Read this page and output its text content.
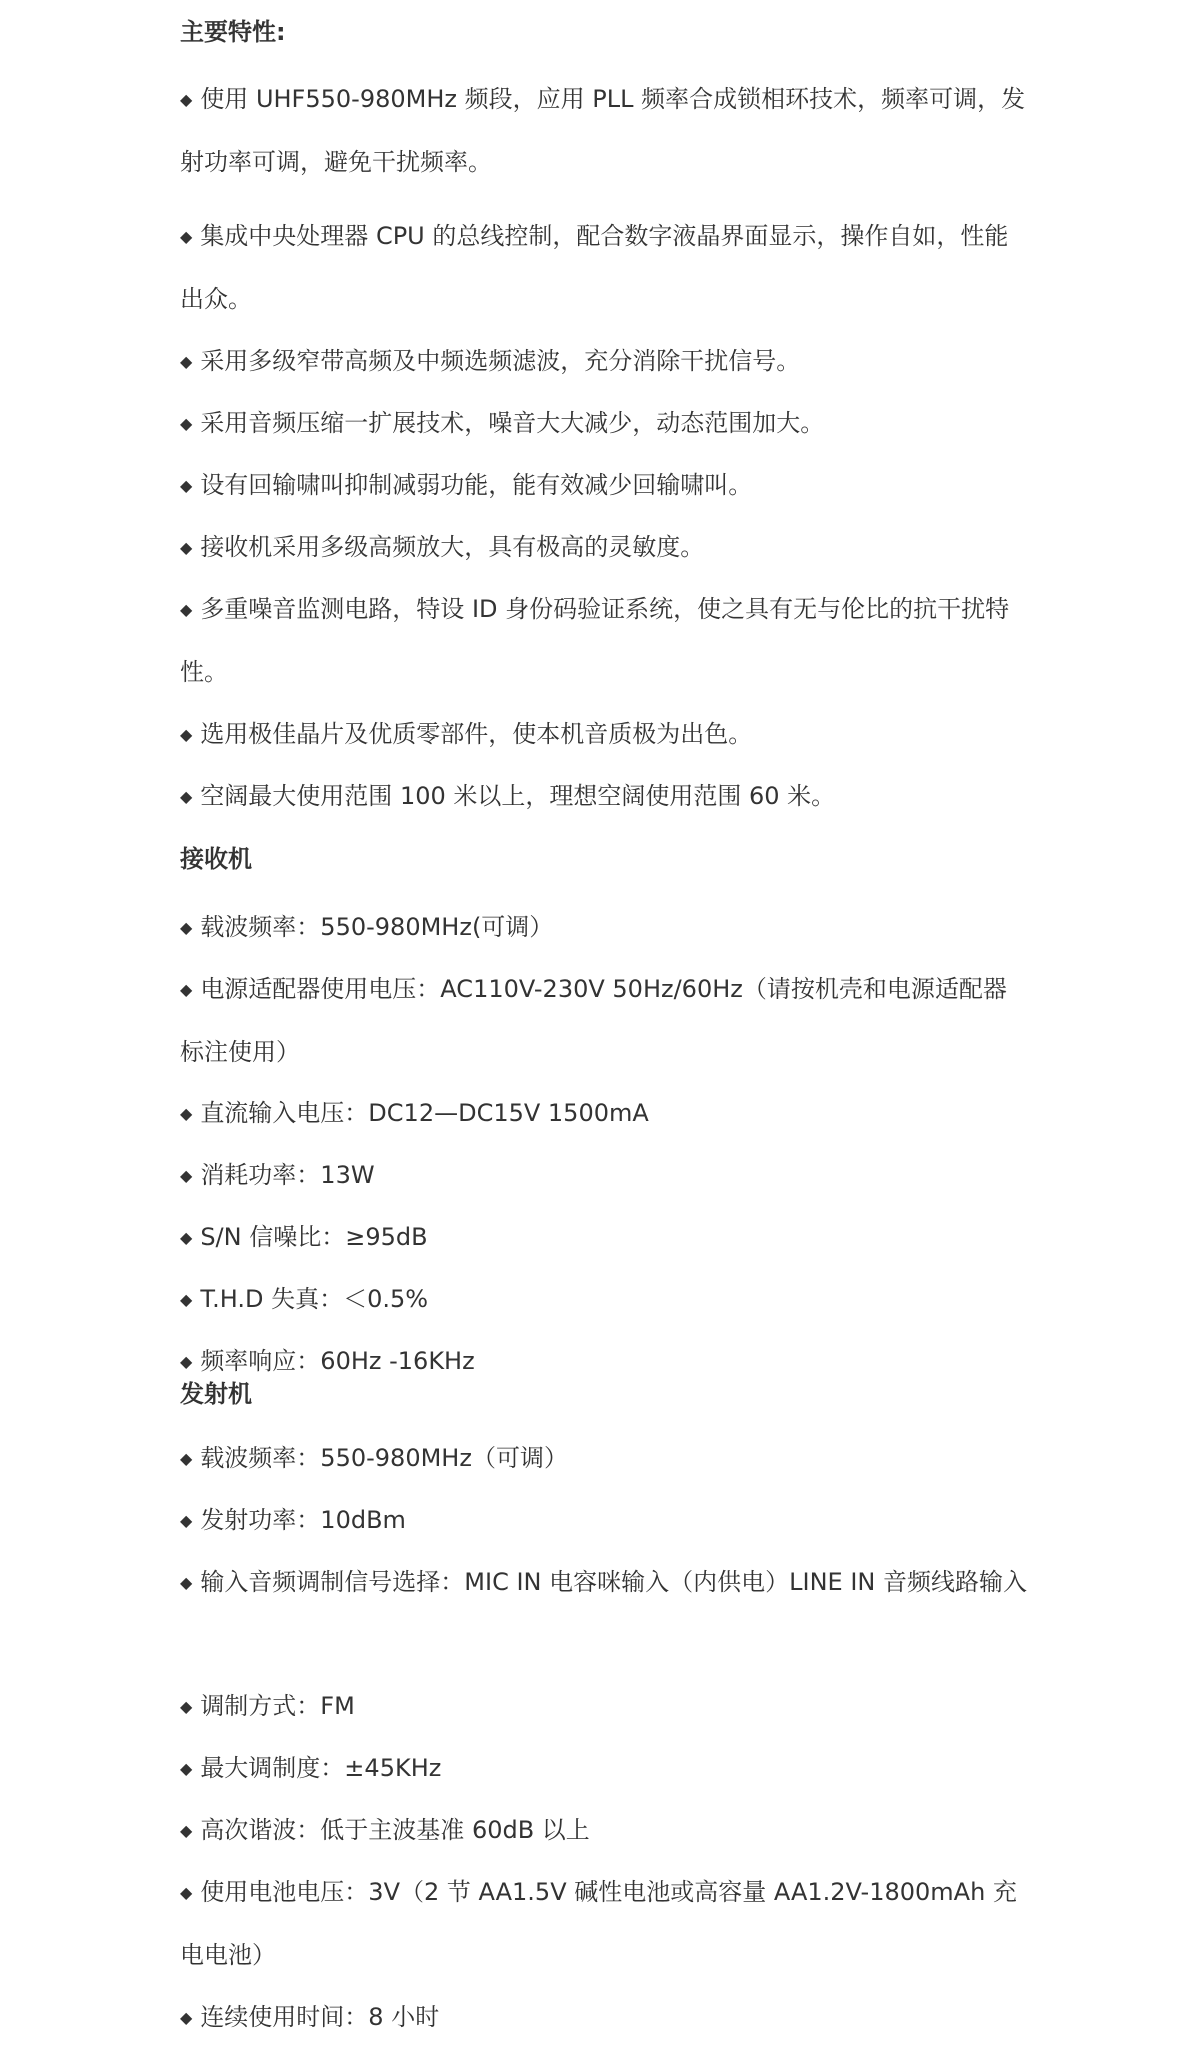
主要特性:
◆ 使用 UHF550-980MHz 频段，应用 PLL 频率合成锁相环技术，频率可调，发射功率可调，避免干扰频率。
◆ 集成中央处理器 CPU 的总线控制，配合数字液晶界面显示，操作自如，性能出众。
◆ 采用多级窄带高频及中频选频滤波，充分消除干扰信号。
◆ 采用音频压缩一扩展技术，噪音大大减少，动态范围加大。
◆ 设有回输啸叫抑制减弱功能，能有效减少回输啸叫。
◆ 接收机采用多级高频放大，具有极高的灵敏度。
◆ 多重噪音监测电路，特设 ID 身份码验证系统，使之具有无与伦比的抗干扰特性。
◆ 选用极佳晶片及优质零部件，使本机音质极为出色。
◆ 空阔最大使用范围 100 米以上，理想空阔使用范围 60 米。
接收机
◆ 载波频率：550-980MHz(可调）
◆ 电源适配器使用电压：AC110V-230V 50Hz/60Hz（请按机壳和电源适配器标注使用）
◆ 直流输入电压：DC12—DC15V 1500mA
◆ 消耗功率：13W
◆ S/N 信噪比：≥95dB
◆ T.H.D 失真：＜0.5%
◆ 频率响应：60Hz -16KHz
发射机
◆ 载波频率：550-980MHz（可调）
◆ 发射功率：10dBm
◆ 输入音频调制信号选择：MIC IN 电容咪输入（内供电）LINE IN 音频线路输入
◆ 调制方式：FM
◆ 最大调制度：±45KHz
◆ 高次谐波：低于主波基准 60dB 以上
◆ 使用电池电压：3V（2 节 AA1.5V 碱性电池或高容量 AA1.2V-1800mAh 充电电池）
◆ 连续使用时间：8 小时
